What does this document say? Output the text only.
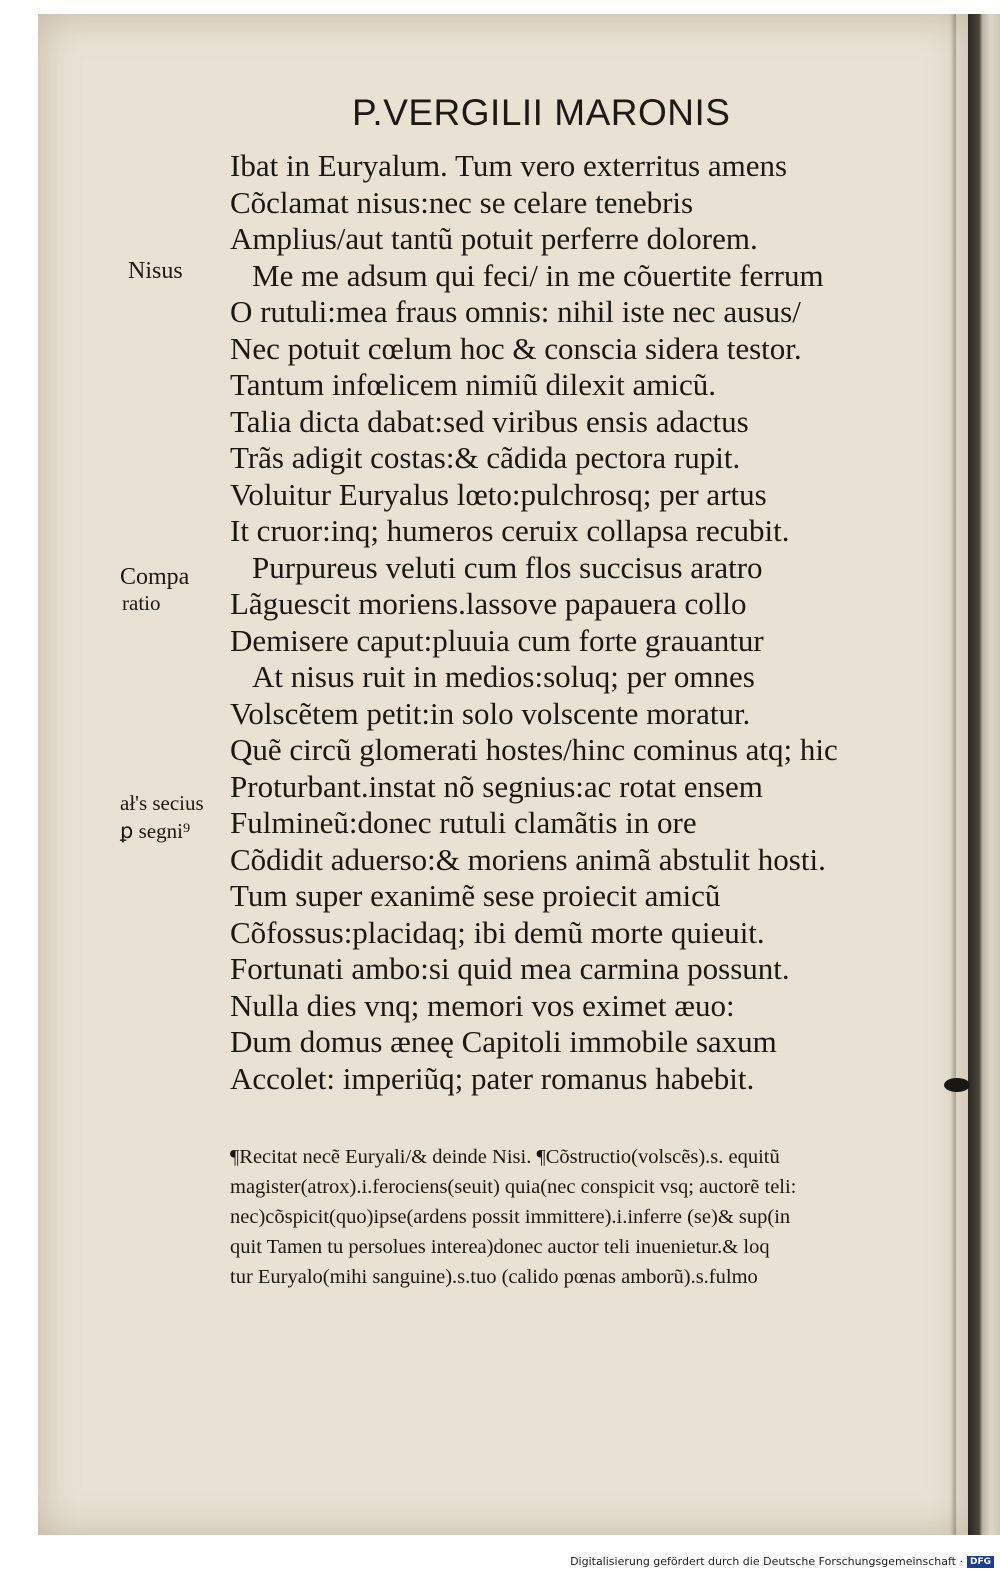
P.VERGILII MARONIS
Nisus
Compa
ratio
ał's secius
ꝑ segni⁹
Ibat in Euryalum. Tum vero exterritus amens
Cõclamat nisus:nec se celare tenebris
Amplius/aut tantũ potuit perferre dolorem.
Me me adsum qui feci/ in me cõuertite ferrum
O rutuli:mea fraus omnis: nihil iste nec ausus/
Nec potuit cœlum hoc & conscia sidera testor.
Tantum infœlicem nimiũ dilexit amicũ.
Talia dicta dabat:sed viribus ensis adactus
Trãs adigit costas:& cãdida pectora rupit.
Voluitur Euryalus lœto:pulchrosq; per artus
It cruor:inq; humeros ceruix collapsa recubit.
Purpureus veluti cum flos succisus aratro
Lãguescit moriens.lassove papauera collo
Demisere caput:pluuia cum forte grauantur
At nisus ruit in medios:soluq; per omnes
Volscẽtem petit:in solo volscente moratur.
Quẽ circũ glomerati hostes/hinc cominus atq; hic
Proturbant.instat nõ segnius:ac rotat ensem
Fulmineũ:donec rutuli clamãtis in ore
Cõdidit aduerso:& moriens animã abstulit hosti.
Tum super exanimẽ sese proiecit amicũ
Cõfossus:placidaq; ibi demũ morte quieuit.
Fortunati ambo:si quid mea carmina possunt.
Nulla dies vnq; memori vos eximet æuo:
Dum domus æneę Capitoli immobile saxum
Accolet: imperiũq; pater romanus habebit.
¶Recitat necẽ Euryali/& deinde Nisi. ¶Cõstructio(volscẽs).s. equitũ
magister(atrox).i.ferociens(seuit) quia(nec conspicit vsq; auctorẽ teli:
nec)cõspicit(quo)ipse(ardens possit immittere).i.inferre (se)& sup(in
quit Tamen tu persolues interea)donec auctor teli inuenietur.& loq
tur Euryalo(mihi sanguine).s.tuo (calido pœnas amborũ).s.fulmo
Digitalisierung gefördert durch die Deutsche Forschungsgemeinschaft · DFG
